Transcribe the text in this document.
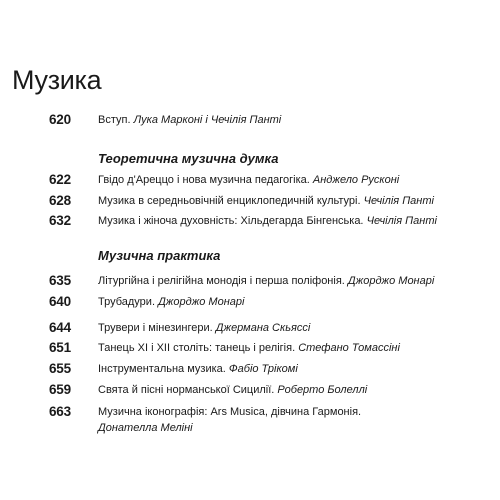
Музика
620	Вступ. Лука Марконі і Чечілія Панті
Теоретична музична думка
622	Гвідо д'Ареццо і нова музична педагогіка. Анджело Русконі
628	Музика в середньовічній енциклопедичній культурі. Чечілія Панті
632	Музика і жіноча духовність: Хільдегарда Бінгенська. Чечілія Панті
Музична практика
635	Літургійна і релігійна монодія і перша поліфонія. Джорджо Монарі
640	Трубадури. Джорджо Монарі
644	Трувери і мінезингери. Джермана Скьяссі
651	Танець XI і XII століть: танець і релігія. Стефано Томассіні
655	Інструментальна музика. Фабіо Трікомі
659	Свята й пісні норманської Сицилії. Роберто Болеллі
663	Музична іконографія: Ars Musica, дівчина Гармонія.
Донателла Меліні
